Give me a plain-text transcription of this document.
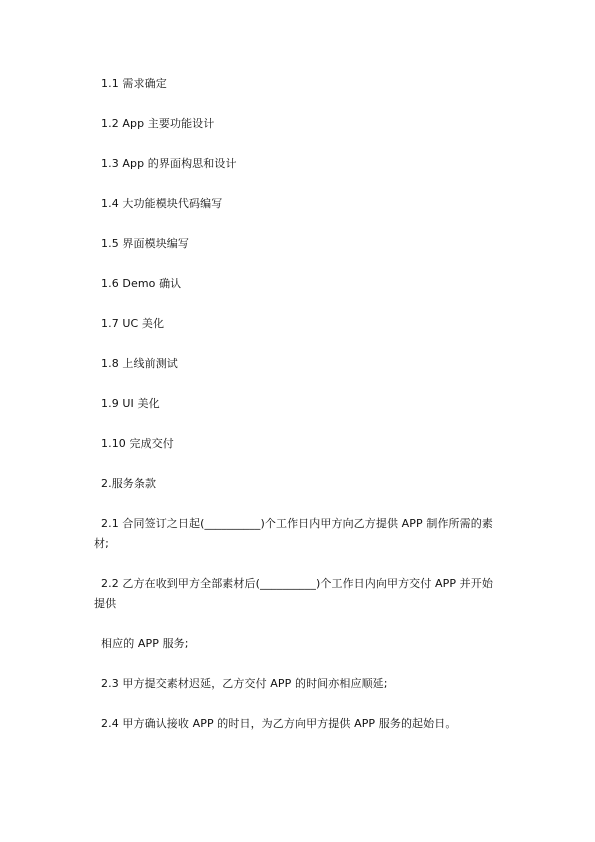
1.1 需求确定
1.2 App 主要功能设计
1.3 App 的界面构思和设计
1.4 大功能模块代码编写
1.5 界面模块编写
1.6 Demo 确认
1.7 UC 美化
1.8 上线前测试
1.9 UI 美化
1.10 完成交付
2.服务条款
2.1 合同签订之日起(__________)个工作日内甲方向乙方提供 APP 制作所需的素
材;
2.2 乙方在收到甲方全部素材后(__________)个工作日内向甲方交付 APP 并开始
提供
相应的 APP 服务;
2.3 甲方提交素材迟延，乙方交付 APP 的时间亦相应顺延;
2.4 甲方确认接收 APP 的时日，为乙方向甲方提供 APP 服务的起始日。
